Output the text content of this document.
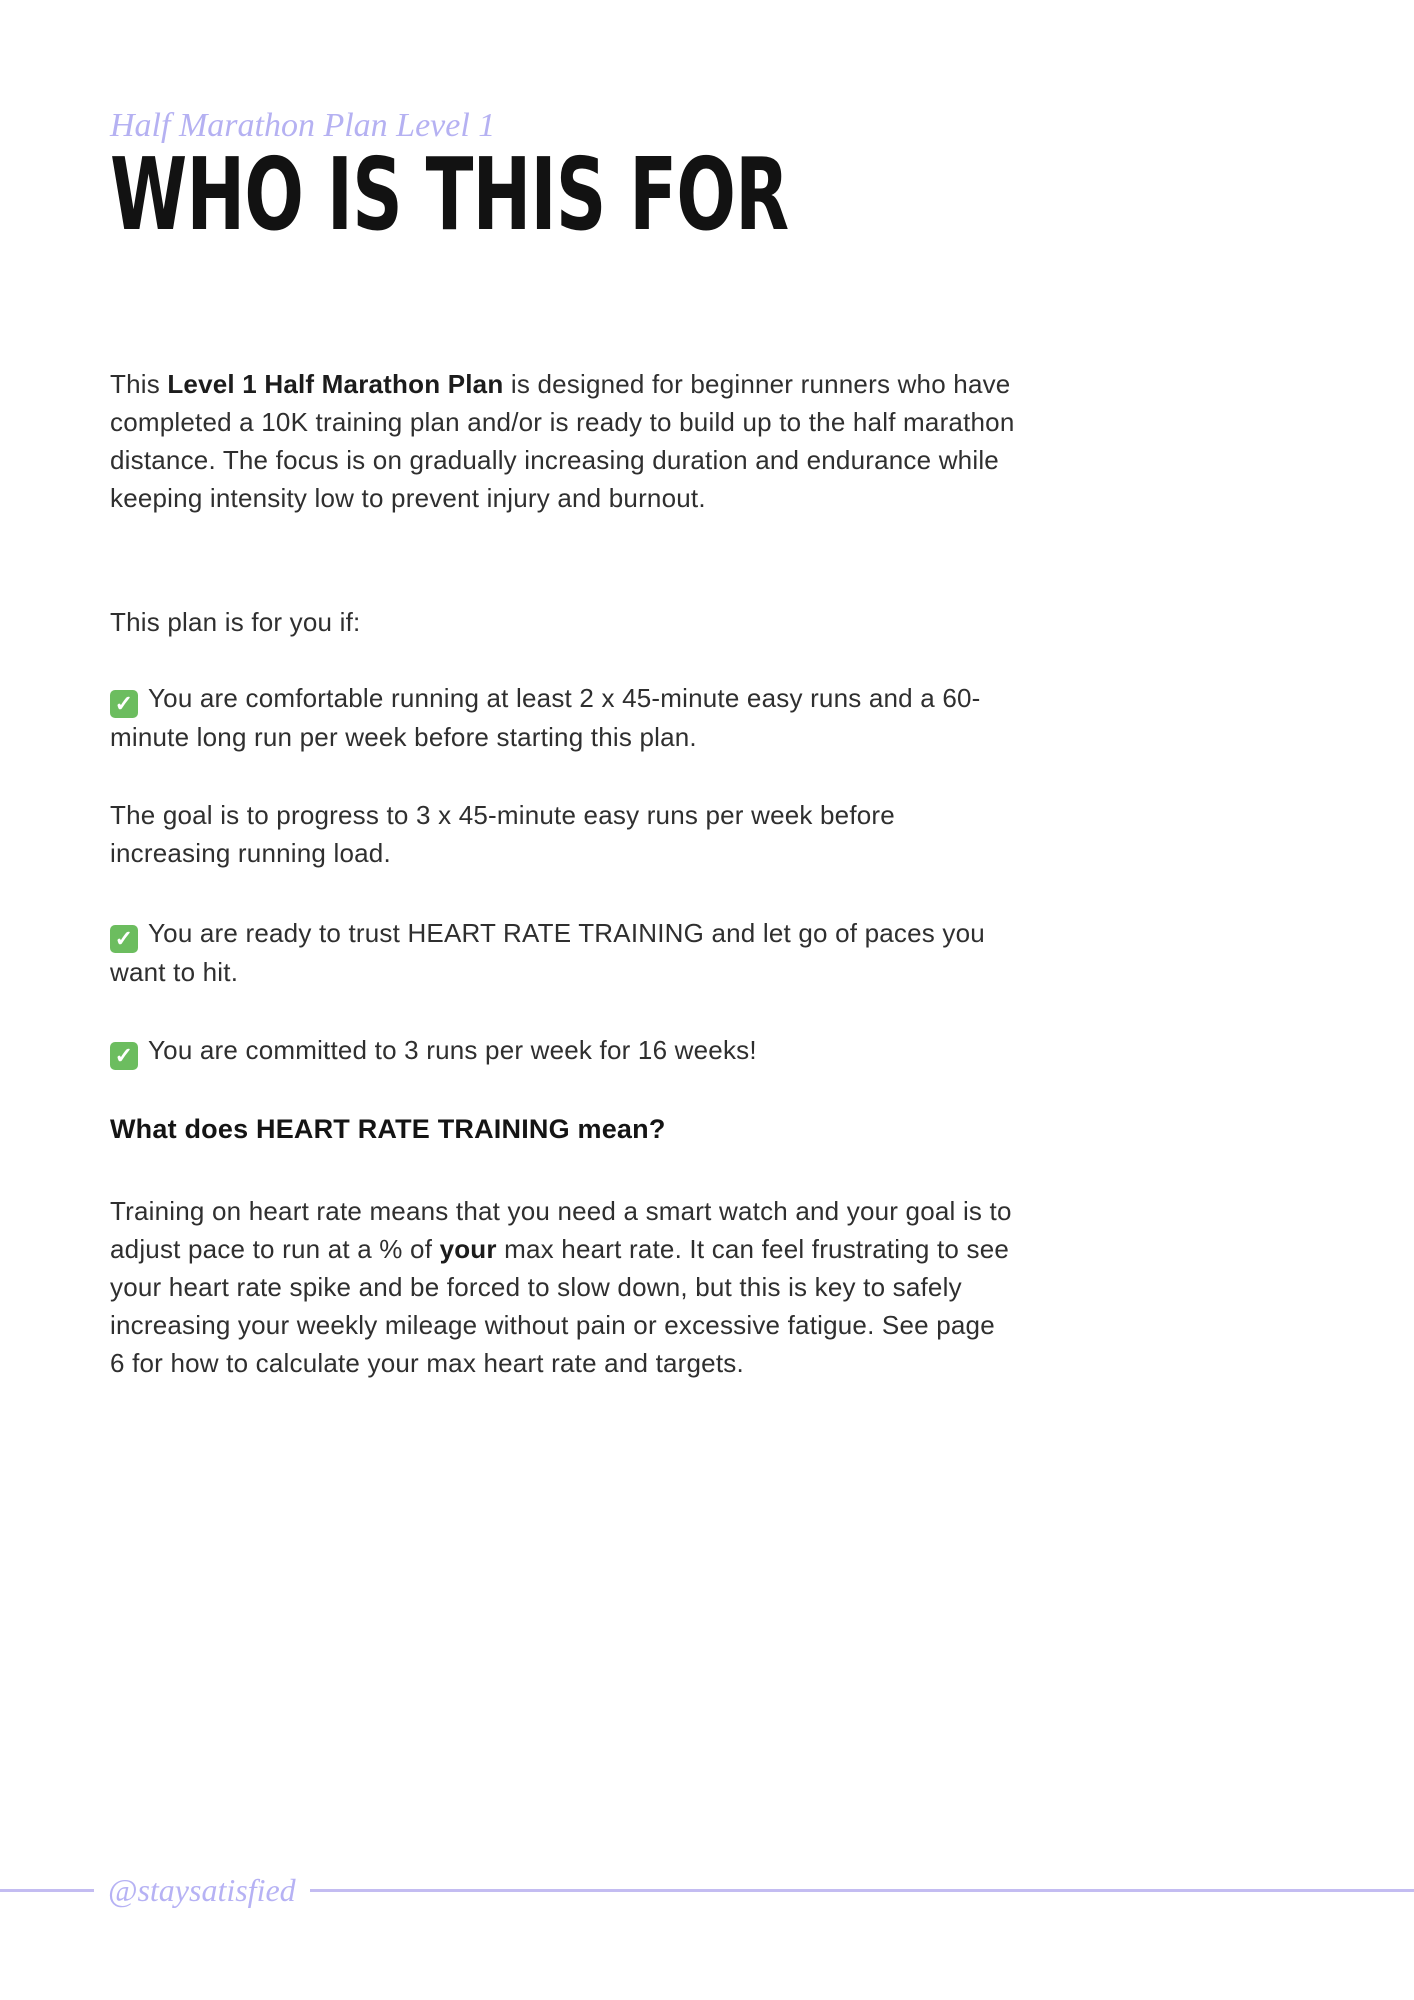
Half Marathon Plan Level 1

WHO IS THIS FOR

This Level 1 Half Marathon Plan is designed for beginner runners who have completed a 10K training plan and/or is ready to build up to the half marathon distance. The focus is on gradually increasing duration and endurance while keeping intensity low to prevent injury and burnout.

This plan is for you if:

✓ You are comfortable running at least 2 x 45-minute easy runs and a 60-minute long run per week before starting this plan.

The goal is to progress to 3 x 45-minute easy runs per week before increasing running load.

✓ You are ready to trust HEART RATE TRAINING and let go of paces you want to hit.

✓ You are committed to 3 runs per week for 16 weeks!

What does HEART RATE TRAINING mean?

Training on heart rate means that you need a smart watch and your goal is to adjust pace to run at a % of your max heart rate. It can feel frustrating to see your heart rate spike and be forced to slow down, but this is key to safely increasing your weekly mileage without pain or excessive fatigue. See page 6 for how to calculate your max heart rate and targets.

@staysatisfied
